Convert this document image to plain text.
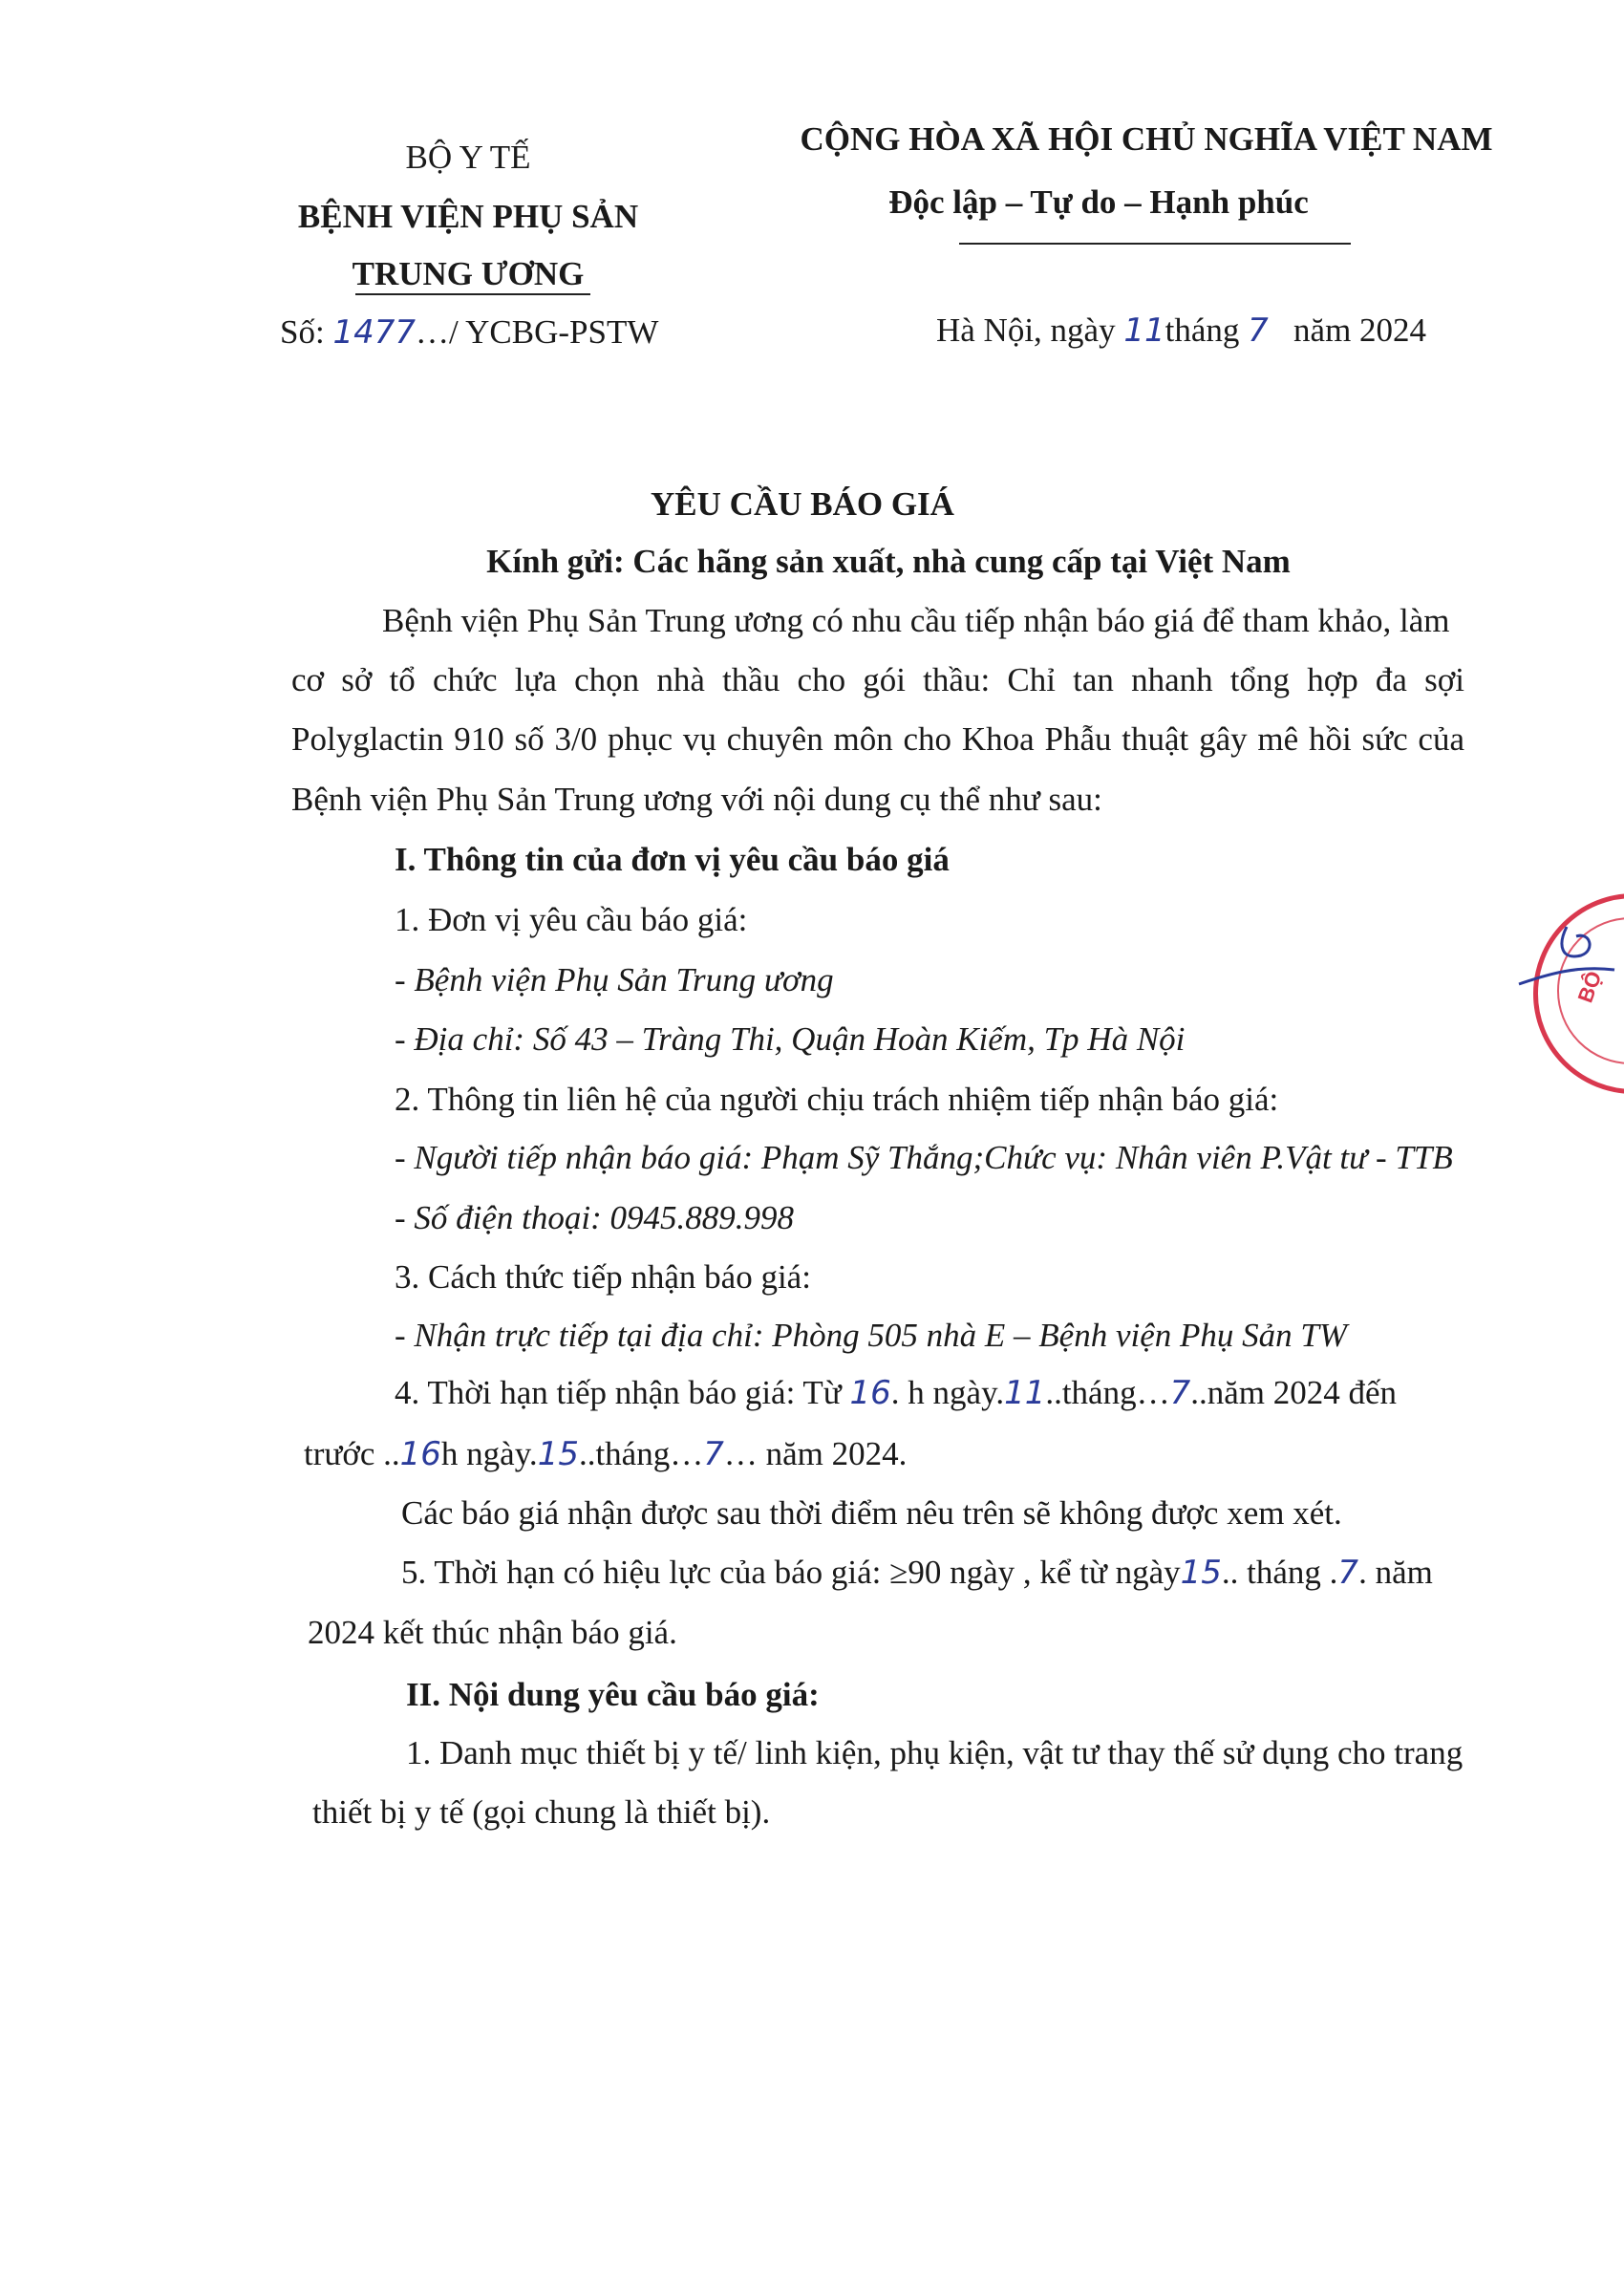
BỘ Y TẾ
BỆNH VIỆN PHỤ SẢN
TRUNG ƯƠNG
Số: 1477…/ YCBG-PSTW
CỘNG HÒA XÃ HỘI CHỦ NGHĨA VIỆT NAM
Độc lập – Tự do – Hạnh phúc
Hà Nội, ngày 11tháng 7 năm 2024
YÊU CẦU BÁO GIÁ
Kính gửi: Các hãng sản xuất, nhà cung cấp tại Việt Nam
Bệnh viện Phụ Sản Trung ương có nhu cầu tiếp nhận báo giá để tham khảo, làm
cơ sở tổ chức lựa chọn nhà thầu cho gói thầu: Chỉ tan nhanh tổng hợp đa sợi
Polyglactin 910 số 3/0 phục vụ chuyên môn cho Khoa Phẫu thuật gây mê hồi sức của
Bệnh viện Phụ Sản Trung ương với nội dung cụ thể như sau:
I. Thông tin của đơn vị yêu cầu báo giá
1. Đơn vị yêu cầu báo giá:
- Bệnh viện Phụ Sản Trung ương
- Địa chỉ: Số 43 – Tràng Thi, Quận Hoàn Kiếm, Tp Hà Nội
2. Thông tin liên hệ của người chịu trách nhiệm tiếp nhận báo giá:
- Người tiếp nhận báo giá: Phạm Sỹ Thắng;Chức vụ: Nhân viên P.Vật tư - TTB
- Số điện thoại: 0945.889.998
3. Cách thức tiếp nhận báo giá:
- Nhận trực tiếp tại địa chỉ: Phòng 505 nhà E – Bệnh viện Phụ Sản TW
4. Thời hạn tiếp nhận báo giá: Từ 16. h ngày.11..tháng…7..năm 2024 đến
trước ..16h ngày.15..tháng…7… năm 2024.
Các báo giá nhận được sau thời điểm nêu trên sẽ không được xem xét.
5. Thời hạn có hiệu lực của báo giá: ≥90 ngày , kể từ ngày15.. tháng .7. năm
2024 kết thúc nhận báo giá.
II. Nội dung yêu cầu báo giá:
1. Danh mục thiết bị y tế/ linh kiện, phụ kiện, vật tư thay thế sử dụng cho trang
thiết bị y tế (gọi chung là thiết bị).
BỘ
